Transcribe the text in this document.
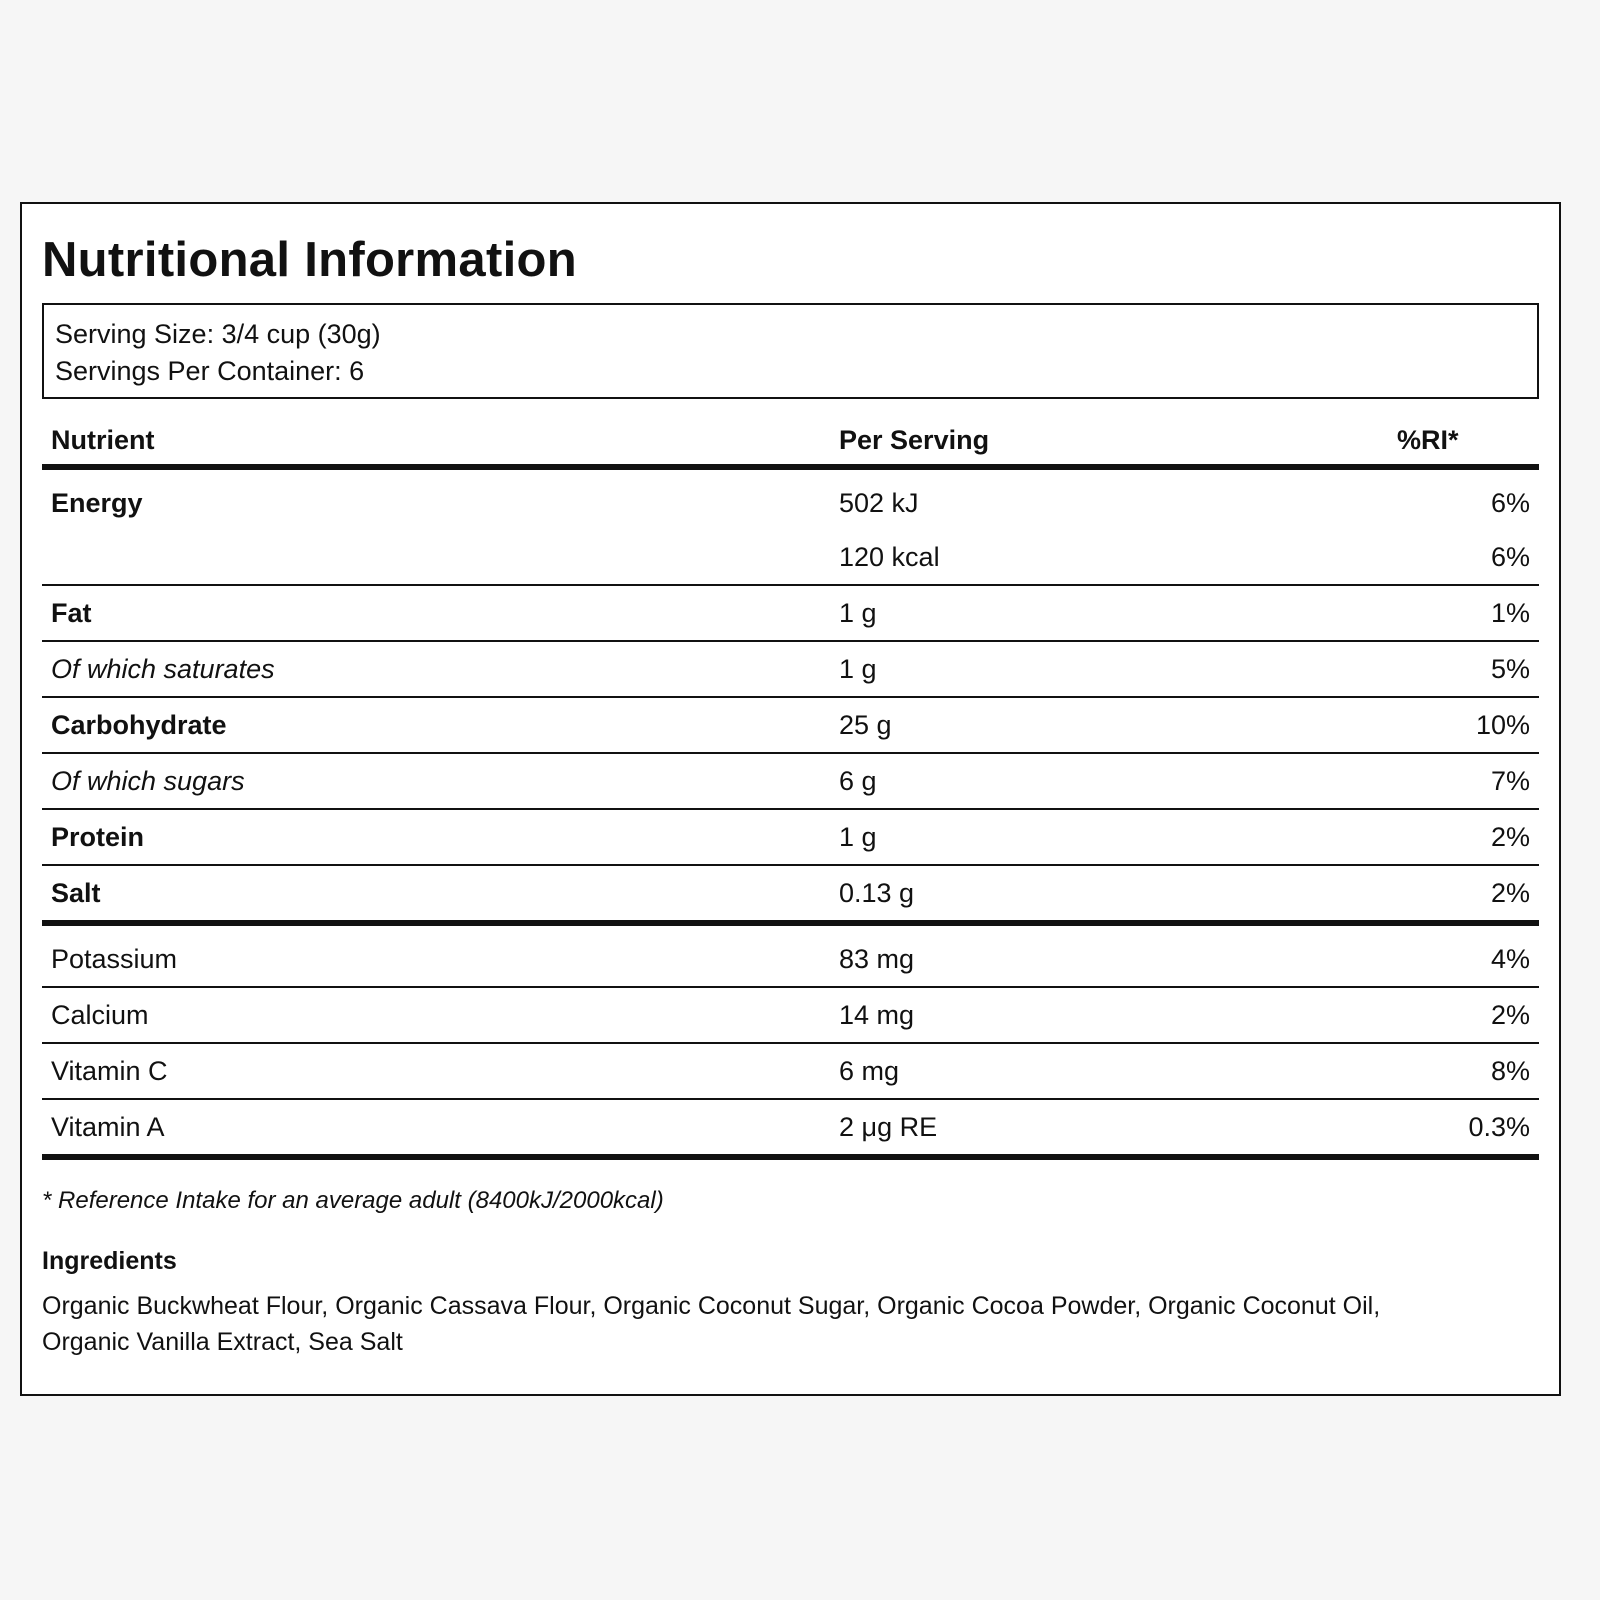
Nutritional Information
Serving Size: 3/4 cup (30g)
Servings Per Container: 6
Nutrient	Per Serving	%RI*
Energy	502 kJ	6%
	120 kcal	6%
Fat	1 g	1%
Of which saturates	1 g	5%
Carbohydrate	25 g	10%
Of which sugars	6 g	7%
Protein	1 g	2%
Salt	0.13 g	2%
Potassium	83 mg	4%
Calcium	14 mg	2%
Vitamin C	6 mg	8%
Vitamin A	2 μg RE	0.3%
* Reference Intake for an average adult (8400kJ/2000kcal)
Ingredients
Organic Buckwheat Flour, Organic Cassava Flour, Organic Coconut Sugar, Organic Cocoa Powder, Organic Coconut Oil, Organic Vanilla Extract, Sea Salt
